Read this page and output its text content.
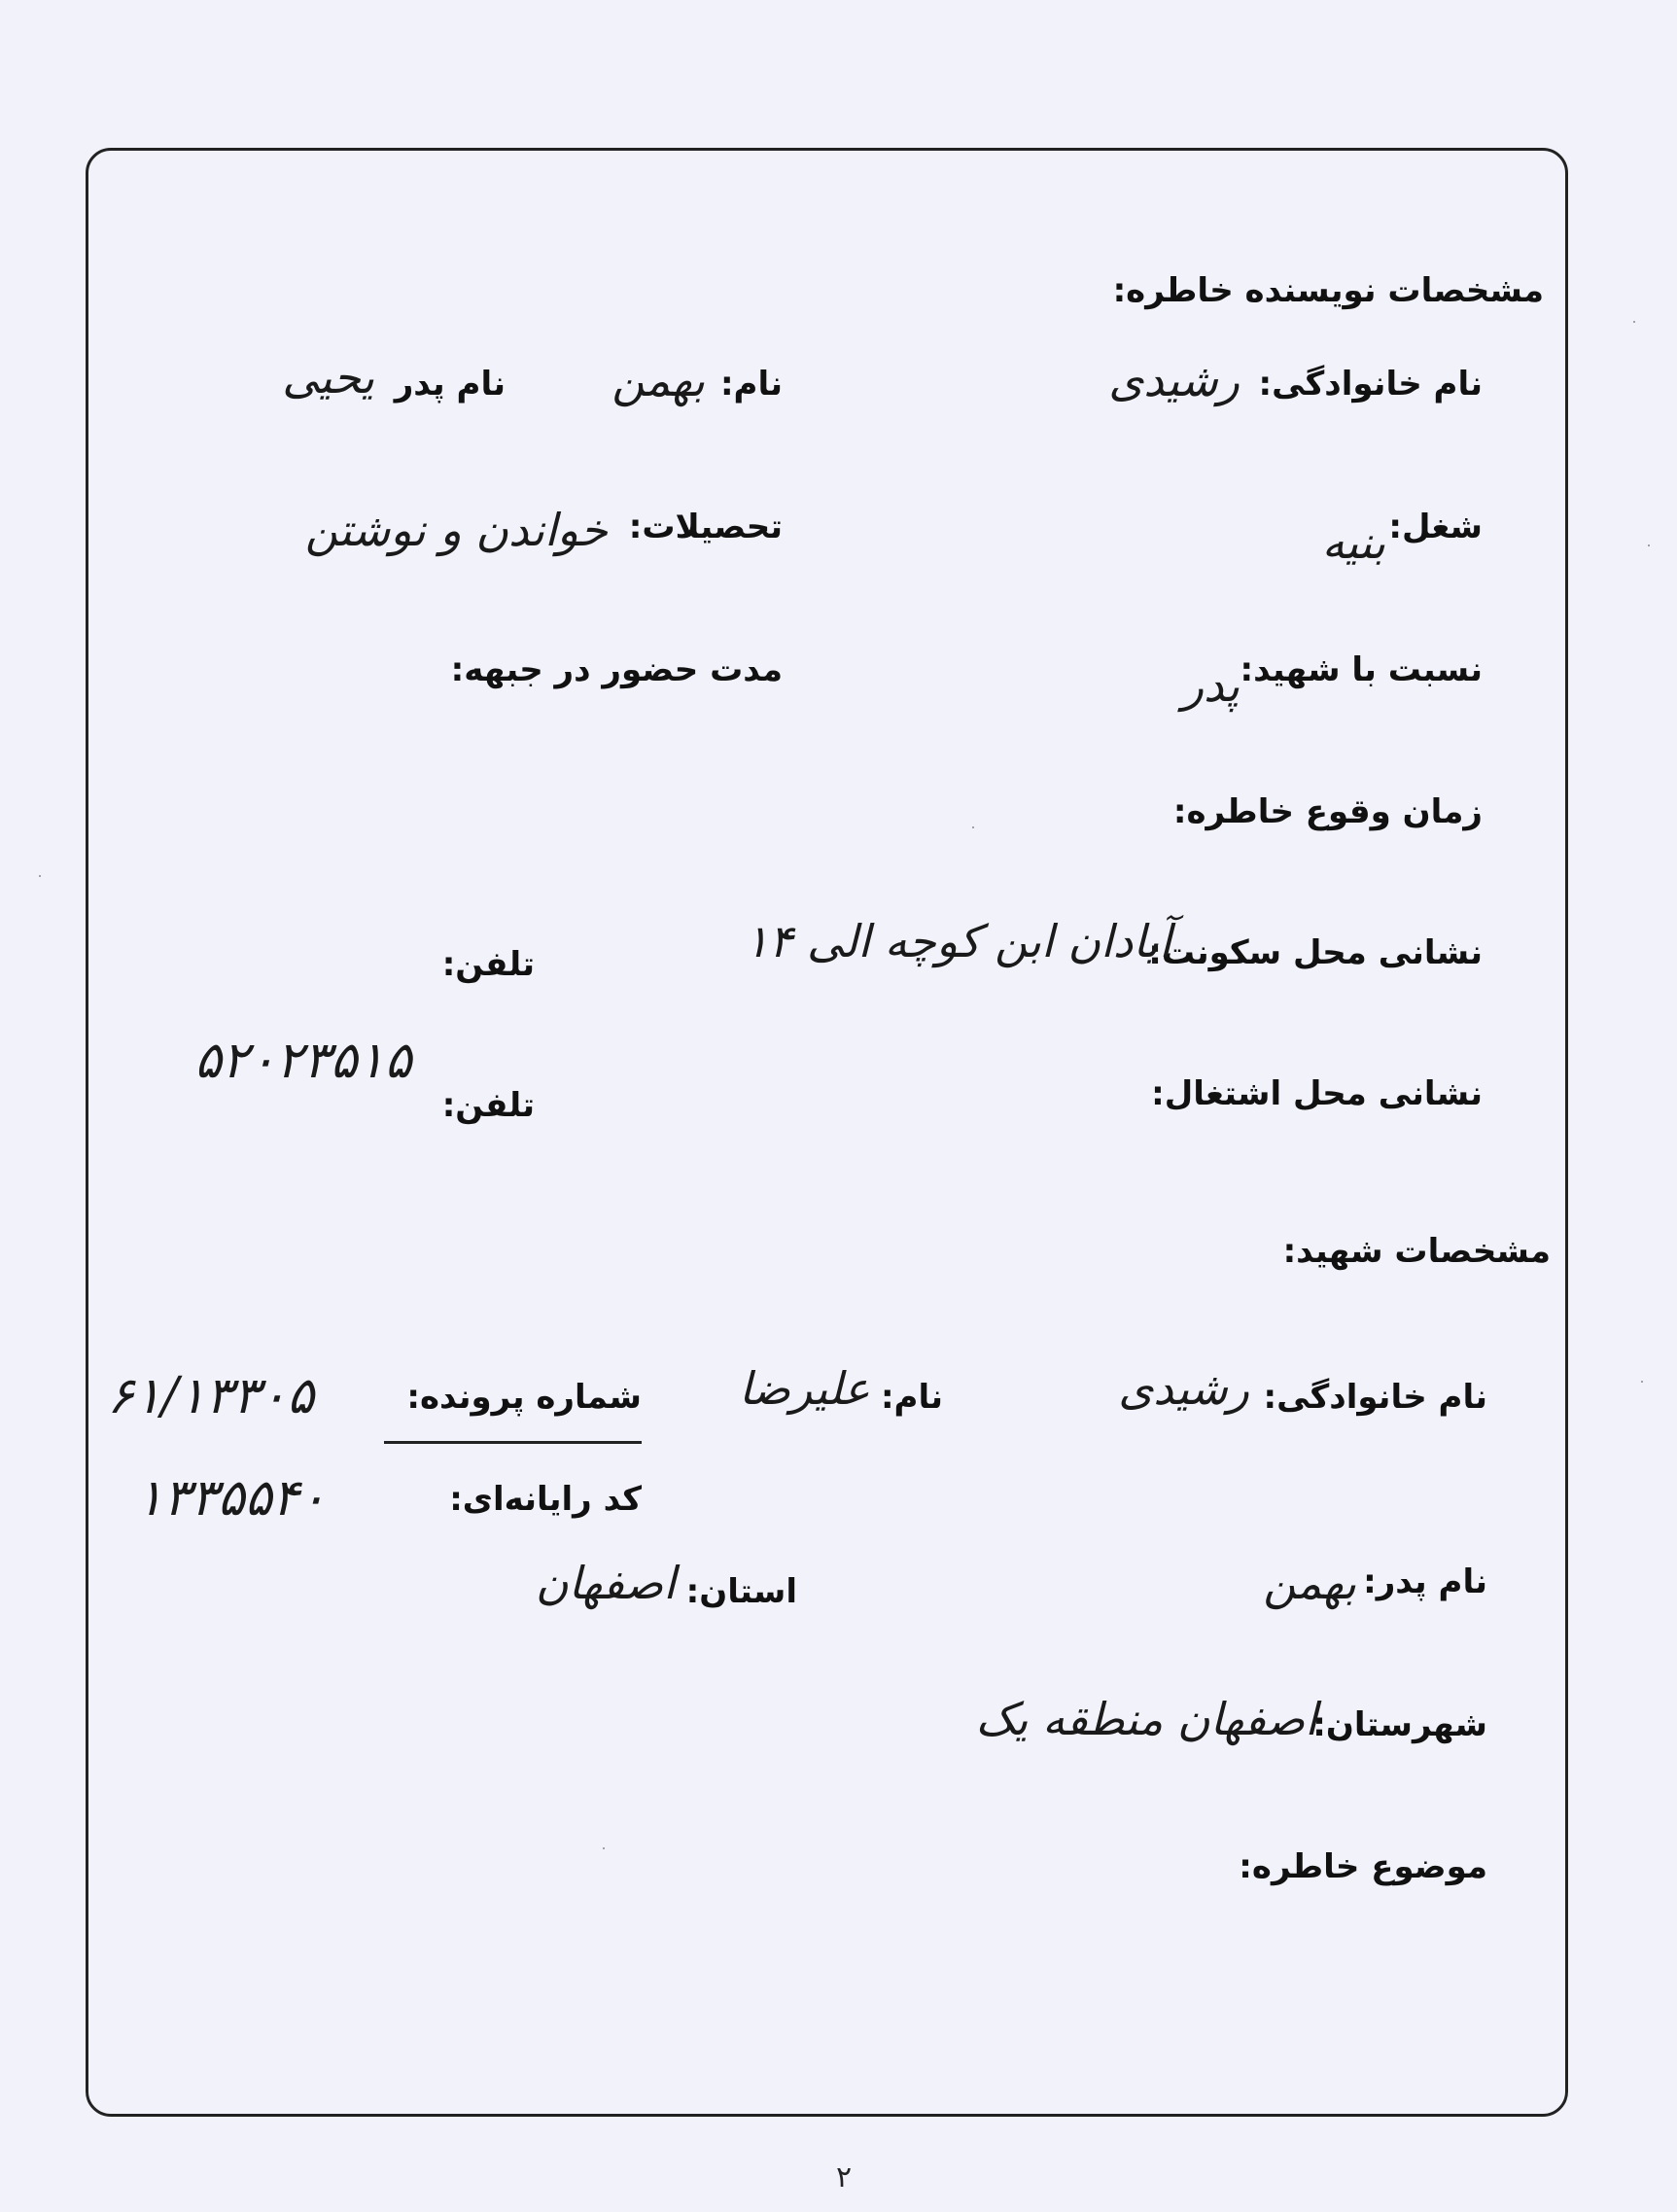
مشخصات نویسنده خاطره:
نام خانوادگی:
رشیدی
نام:
بهمن
نام پدر
یحیی
شغل:
بنیه
تحصیلات:
خواندن و نوشتن
نسبت با شهید:
پدر
مدت حضور در جبهه:
زمان وقوع خاطره:
نشانی محل سکونت:
آیادان ابن کوچه الی ۱۴
تلفن:
۵۲۰۲۳۵۱۵
نشانی محل اشتغال:
تلفن:
مشخصات شهید:
نام خانوادگی:
رشیدی
نام:
علیرضا
شماره پرونده:
۶۱/۱۳۳۰۵
کد رایانه‌ای:
۱۳۳۵۵۴۰
نام پدر:
بهمن
استان:
اصفهان
شهرستان:
اصفهان منطقه یک
موضوع خاطره:
۲
